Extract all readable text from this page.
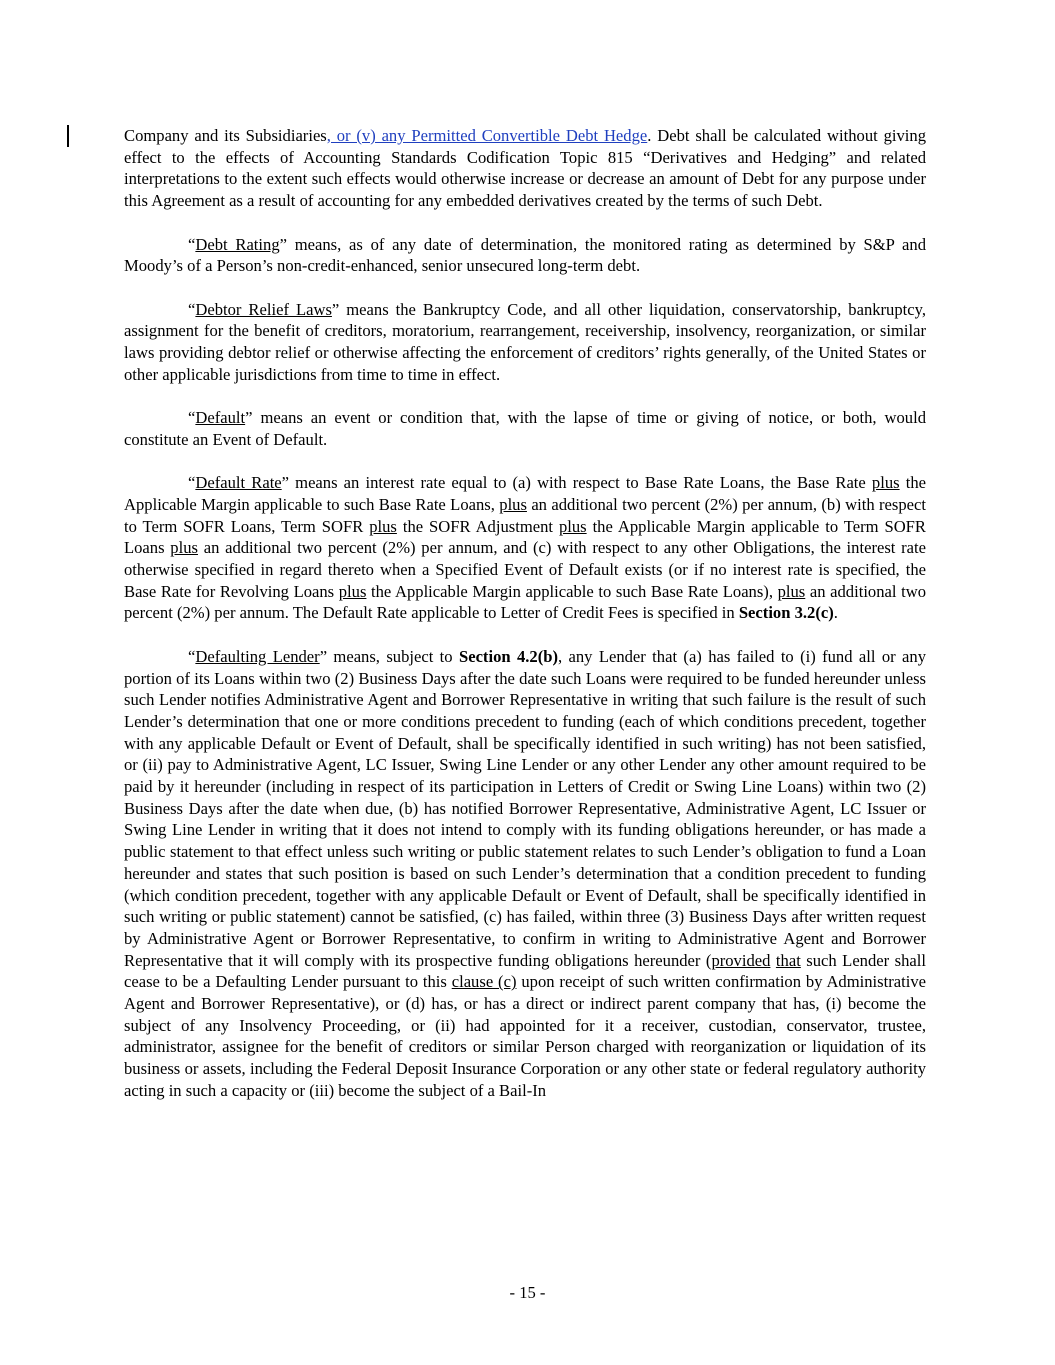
Company and its Subsidiaries, or (v) any Permitted Convertible Debt Hedge. Debt shall be calculated without giving effect to the effects of Accounting Standards Codification Topic 815 “Derivatives and Hedging” and related interpretations to the extent such effects would otherwise increase or decrease an amount of Debt for any purpose under this Agreement as a result of accounting for any embedded derivatives created by the terms of such Debt.

“Debt Rating” means, as of any date of determination, the monitored rating as determined by S&P and Moody’s of a Person’s non-credit-enhanced, senior unsecured long-term debt.

“Debtor Relief Laws” means the Bankruptcy Code, and all other liquidation, conservatorship, bankruptcy, assignment for the benefit of creditors, moratorium, rearrangement, receivership, insolvency, reorganization, or similar laws providing debtor relief or otherwise affecting the enforcement of creditors’ rights generally, of the United States or other applicable jurisdictions from time to time in effect.

“Default” means an event or condition that, with the lapse of time or giving of notice, or both, would constitute an Event of Default.

“Default Rate” means an interest rate equal to (a) with respect to Base Rate Loans, the Base Rate plus the Applicable Margin applicable to such Base Rate Loans, plus an additional two percent (2%) per annum, (b) with respect to Term SOFR Loans, Term SOFR plus the SOFR Adjustment plus the Applicable Margin applicable to Term SOFR Loans plus an additional two percent (2%) per annum, and (c) with respect to any other Obligations, the interest rate otherwise specified in regard thereto when a Specified Event of Default exists (or if no interest rate is specified, the Base Rate for Revolving Loans plus the Applicable Margin applicable to such Base Rate Loans), plus an additional two percent (2%) per annum. The Default Rate applicable to Letter of Credit Fees is specified in Section 3.2(c).

“Defaulting Lender” means, subject to Section 4.2(b), any Lender that (a) has failed to (i) fund all or any portion of its Loans within two (2) Business Days after the date such Loans were required to be funded hereunder unless such Lender notifies Administrative Agent and Borrower Representative in writing that such failure is the result of such Lender’s determination that one or more conditions precedent to funding (each of which conditions precedent, together with any applicable Default or Event of Default, shall be specifically identified in such writing) has not been satisfied, or (ii) pay to Administrative Agent, LC Issuer, Swing Line Lender or any other Lender any other amount required to be paid by it hereunder (including in respect of its participation in Letters of Credit or Swing Line Loans) within two (2) Business Days after the date when due, (b) has notified Borrower Representative, Administrative Agent, LC Issuer or Swing Line Lender in writing that it does not intend to comply with its funding obligations hereunder, or has made a public statement to that effect unless such writing or public statement relates to such Lender’s obligation to fund a Loan hereunder and states that such position is based on such Lender’s determination that a condition precedent to funding (which condition precedent, together with any applicable Default or Event of Default, shall be specifically identified in such writing or public statement) cannot be satisfied, (c) has failed, within three (3) Business Days after written request by Administrative Agent or Borrower Representative, to confirm in writing to Administrative Agent and Borrower Representative that it will comply with its prospective funding obligations hereunder (provided that such Lender shall cease to be a Defaulting Lender pursuant to this clause (c) upon receipt of such written confirmation by Administrative Agent and Borrower Representative), or (d) has, or has a direct or indirect parent company that has, (i) become the subject of any Insolvency Proceeding, or (ii) had appointed for it a receiver, custodian, conservator, trustee, administrator, assignee for the benefit of creditors or similar Person charged with reorganization or liquidation of its business or assets, including the Federal Deposit Insurance Corporation or any other state or federal regulatory authority acting in such a capacity or (iii) become the subject of a Bail-In

- 15 -
